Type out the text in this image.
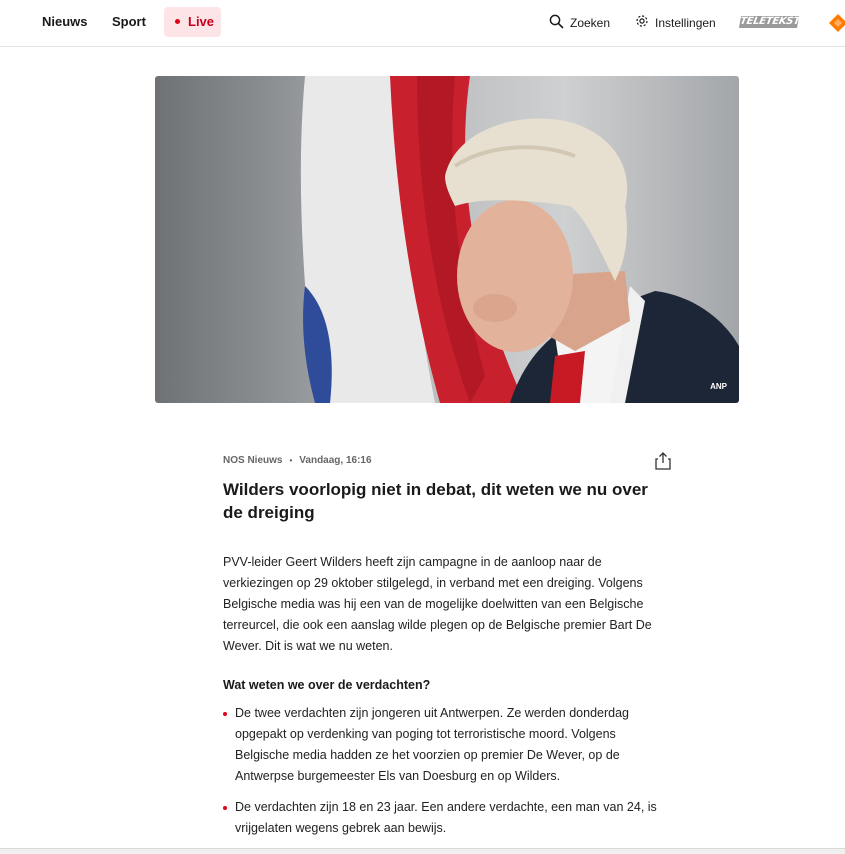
Nieuws Sport	Live	Zoeken	Instellingen TELETEKST
ANP
NOS Nieuws • Vandaag, 16:16
Wilders voorlopig niet in debat, dit weten we nu over de dreiging

PVV-leider Geert Wilders heeft zijn campagne in de aanloop naar de verkiezingen op 29 oktober stilgelegd, in verband met een dreiging. Volgens Belgische media was hij een van de mogelijke doelwitten van een Belgische terreurcel, die ook een aanslag wilde plegen op de Belgische premier Bart De Wever. Dit is wat we nu weten.

Wat weten we over de verdachten?
De twee verdachten zijn jongeren uit Antwerpen. Ze werden donderdag opgepakt op verdenking van poging tot terroristische moord. Volgens Belgische media hadden ze het voorzien op premier De Wever, op de Antwerpse burgemeester Els van Doesburg en op Wilders.
De verdachten zijn 18 en 23 jaar. Een andere verdachte, een man van 24, is vrijgelaten wegens gebrek aan bewijs.
